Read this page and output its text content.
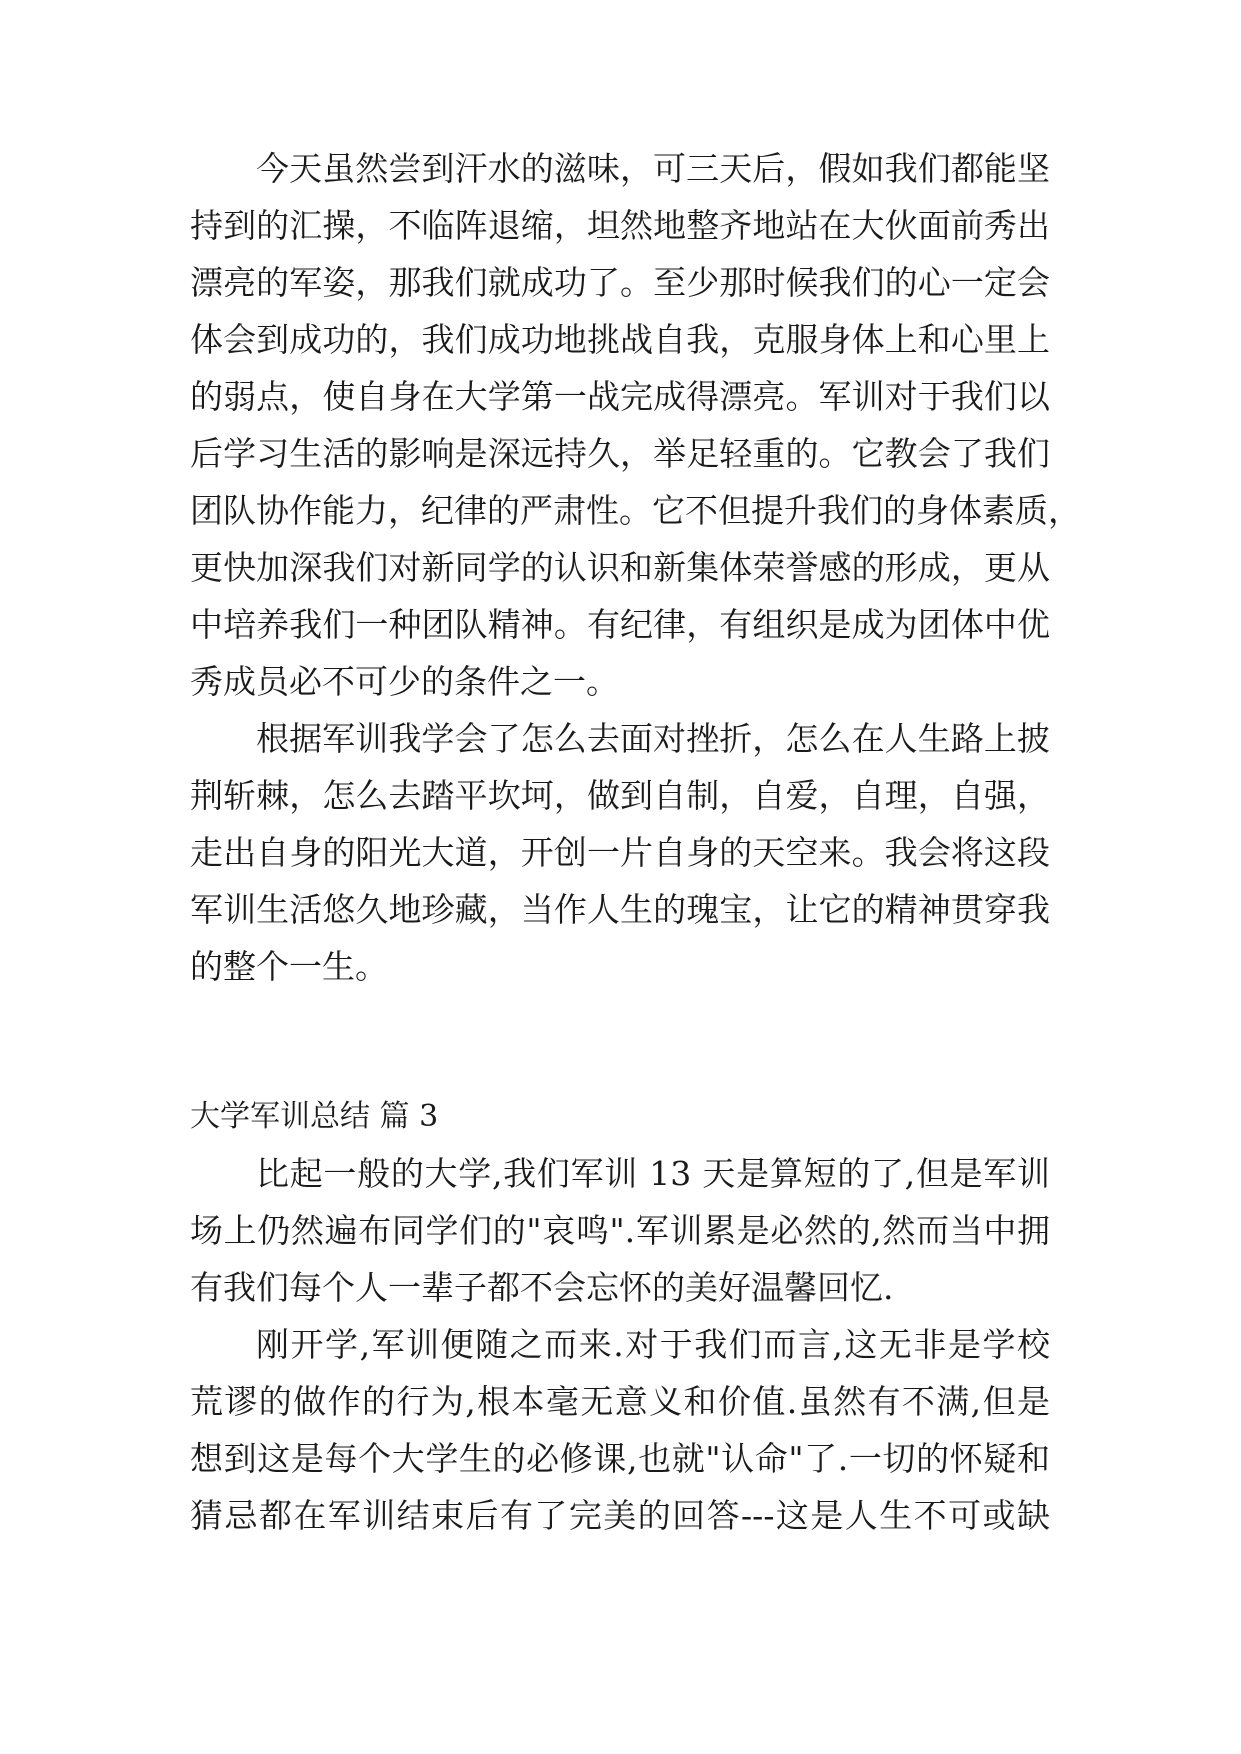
今天虽然尝到汗水的滋味，可三天后，假如我们都能坚
持到的汇操，不临阵退缩，坦然地整齐地站在大伙面前秀出
漂亮的军姿，那我们就成功了。至少那时候我们的心一定会
体会到成功的，我们成功地挑战自我，克服身体上和心里上
的弱点，使自身在大学第一战完成得漂亮。军训对于我们以
后学习生活的影响是深远持久，举足轻重的。它教会了我们
团队协作能力，纪律的严肃性。它不但提升我们的身体素质，
更快加深我们对新同学的认识和新集体荣誉感的形成，更从
中培养我们一种团队精神。有纪律，有组织是成为团体中优
秀成员必不可少的条件之一。
根据军训我学会了怎么去面对挫折，怎么在人生路上披
荆斩棘，怎么去踏平坎坷，做到自制，自爱，自理，自强，
走出自身的阳光大道，开创一片自身的天空来。我会将这段
军训生活悠久地珍藏，当作人生的瑰宝，让它的精神贯穿我
的整个一生。
大学军训总结 篇 3
比起一般的大学,我们军训 13 天是算短的了,但是军训
场上仍然遍布同学们的"哀鸣".军训累是必然的,然而当中拥
有我们每个人一辈子都不会忘怀的美好温馨回忆.
刚开学,军训便随之而来.对于我们而言,这无非是学校
荒谬的做作的行为,根本毫无意义和价值.虽然有不满,但是
想到这是每个大学生的必修课,也就"认命"了.一切的怀疑和
猜忌都在军训结束后有了完美的回答---这是人生不可或缺
